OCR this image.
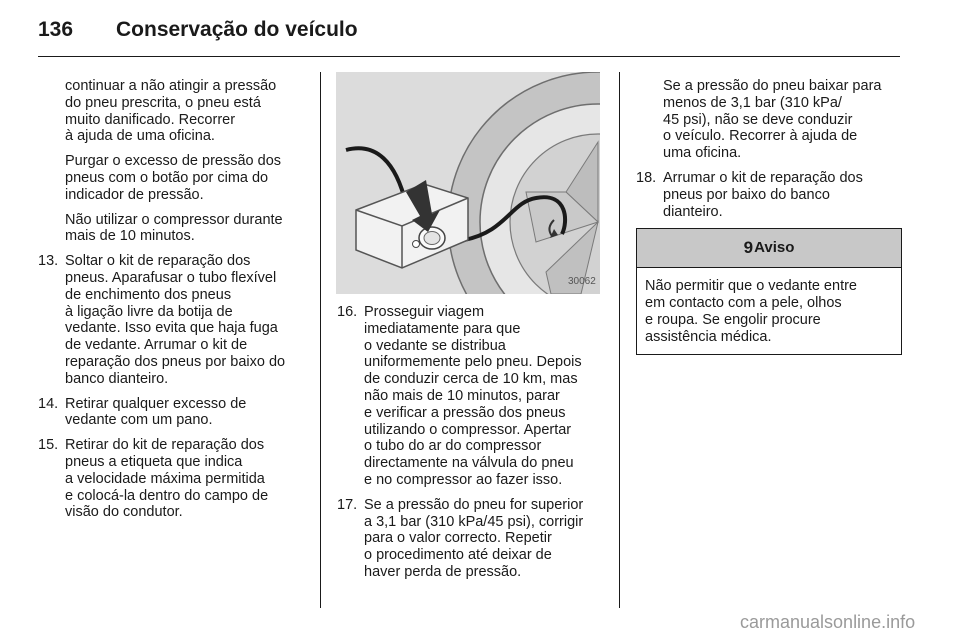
136 Conservação do veículo

continuar a não atingir a pressão
do pneu prescrita, o pneu está
muito danificado. Recorrer
à ajuda de uma oficina.

Purgar o excesso de pressão dos
pneus com o botão por cima do
indicador de pressão.

Não utilizar o compressor durante
mais de 10 minutos.

13. Soltar o kit de reparação dos
pneus. Aparafusar o tubo flexível
de enchimento dos pneus
à ligação livre da botija de
vedante. Isso evita que haja fuga
de vedante. Arrumar o kit de
reparação dos pneus por baixo do
banco dianteiro.
14. Retirar qualquer excesso de
vedante com um pano.
15. Retirar do kit de reparação dos
pneus a etiqueta que indica
a velocidade máxima permitida
e colocá-la dentro do campo de
visão do condutor.
30062
16. Prosseguir viagem
imediatamente para que
o vedante se distribua
uniformemente pelo pneu. Depois
de conduzir cerca de 10 km, mas
não mais de 10 minutos, parar
e verificar a pressão dos pneus
utilizando o compressor. Apertar
o tubo do ar do compressor
directamente na válvula do pneu
e no compressor ao fazer isso.
17. Se a pressão do pneu for superior
a 3,1 bar (310 kPa/45 psi), corrigir
para o valor correcto. Repetir
o procedimento até deixar de
haver perda de pressão.

Se a pressão do pneu baixar para
menos de 3,1 bar (310 kPa/
45 psi), não se deve conduzir
o veículo. Recorrer à ajuda de
uma oficina.

18. Arrumar o kit de reparação dos
pneus por baixo do banco
dianteiro.
9 Aviso
Não permitir que o vedante entre
em contacto com a pele, olhos
e roupa. Se engolir procure
assistência médica.
carmanualsonline.info
